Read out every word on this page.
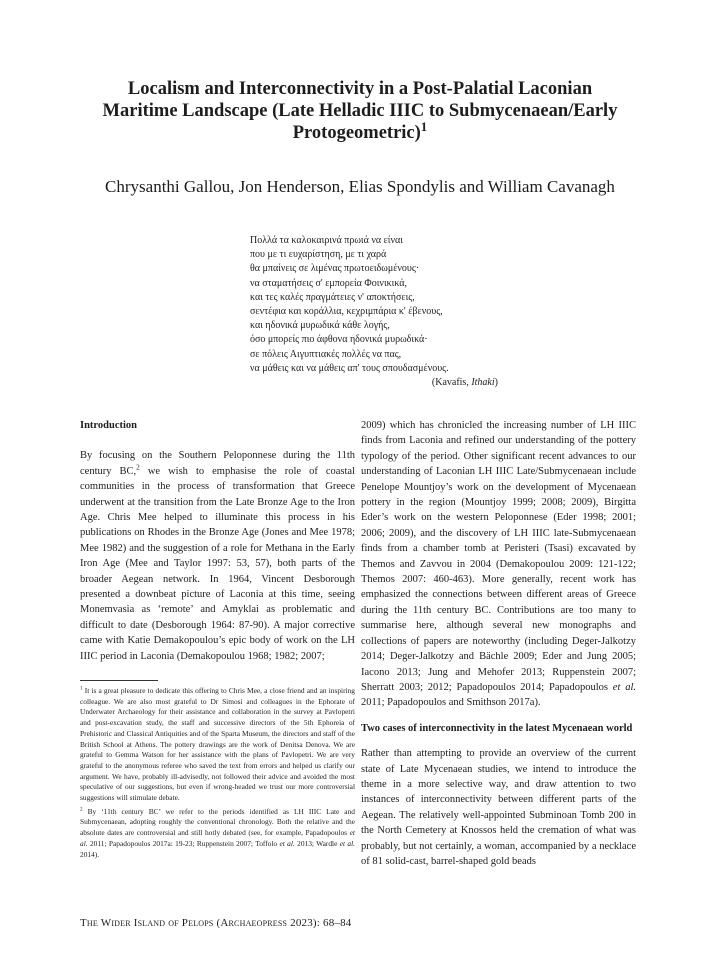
Localism and Interconnectivity in a Post-Palatial Laconian
Maritime Landscape (Late Helladic IIIC to Submycenaean/Early
Protogeometric)$^1$
Chrysanthi Gallou, Jon Henderson, Elias Spondylis and William Cavanagh
Πολλά τα καλοκαιρινά πρωιά να είναι
που με τι ευχαρίστηση, με τι χαρά
θα μπαίνεις σε λιμένας πρωτοειδωμένους·
να σταματήσεις σ' εμπορεία Φοινικικά,
και τες καλές πραγμάτειες ν' αποκτήσεις,
σεντέφια και κοράλλια, κεχριμπάρια κ' έβενους,
και ηδονικά μυρωδικά κάθε λογής,
όσο μπορείς πιο άφθονα ηδονικά μυρωδικά·
σε πόλεις Αιγυπτιακές πολλές να πας,
να μάθεις και να μάθεις απ' τους σπουδασμένους.
(Kavafis, Ithaki)
Introduction

By focusing on the Southern Peloponnese during the 11th century BC,$^2$ we wish to emphasise the role of coastal communities in the process of transformation that Greece underwent at the transition from the Late Bronze Age to the Iron Age. Chris Mee helped to illuminate this process in his publications on Rhodes in the Bronze Age (Jones and Mee 1978; Mee 1982) and the suggestion of a role for Methana in the Early Iron Age (Mee and Taylor 1997: 53, 57), both parts of the broader Aegean network. In 1964, Vincent Desborough presented a downbeat picture of Laconia at this time, seeing Monemvasia as ‘remote’ and Amyklai as problematic and difficult to date (Desborough 1964: 87-90). A major corrective came with Katie Demakopoulou’s epic body of work on the LH IIIC period in Laconia (Demakopoulou 1968; 1982; 2007;

$^1$ It is a great pleasure to dedicate this offering to Chris Mee, a close friend and an inspiring colleague. We are also most grateful to Dr Simosi and colleagues in the Ephorate of Underwater Archaeology for their assistance and collaboration in the survey at Pavlopetri and post-excavation study, the staff and successive directors of the 5th Ephoreia of Prehistoric and Classical Antiquities and of the Sparta Museum, the directors and staff of the British School at Athens. The pottery drawings are the work of Denitsa Denova. We are grateful to Gemma Watson for her assistance with the plans of Pavlopetri. We are very grateful to the anonymous referee who saved the text from errors and helped us clarify our argument. We have, probably ill-advisedly, not followed their advice and avoided the most speculative of our suggestions, but even if wrong-headed we trust our more controversial suggestions will stimulate debate.

$^2$ By ‘11th century BC’ we refer to the periods identified as LH IIIC Late and Submycenaean, adopting roughly the conventional chronology. Both the relative and the absolute dates are controversial and still hotly debated (see, for example, Papadopoulos et al. 2011; Papadopoulos 2017a: 19-23; Ruppenstein 2007; Toffolo et al. 2013; Wardle et al. 2014).

2009) which has chronicled the increasing number of LH IIIC finds from Laconia and refined our understanding of the pottery typology of the period. Other significant recent advances to our understanding of Laconian LH IIIC Late/Submycenaean include Penelope Mountjoy’s work on the development of Mycenaean pottery in the region (Mountjoy 1999; 2008; 2009), Birgitta Eder’s work on the western Peloponnese (Eder 1998; 2001; 2006; 2009), and the discovery of LH IIIC late-Submycenaean finds from a chamber tomb at Peristeri (Tsasi) excavated by Themos and Zavvou in 2004 (Demakopoulou 2009: 121-122; Themos 2007: 460-463). More generally, recent work has emphasized the connections between different areas of Greece during the 11th century BC. Contributions are too many to summarise here, although several new monographs and collections of papers are noteworthy (including Deger-Jalkotzy 2014; Deger-Jalkotzy and Bächle 2009; Eder and Jung 2005; Iacono 2013; Jung and Mehofer 2013; Ruppenstein 2007; Sherratt 2003; 2012; Papadopoulos 2014; Papadopoulos et al. 2011; Papadopoulos and Smithson 2017a).

Two cases of interconnectivity in the latest Mycenaean world

Rather than attempting to provide an overview of the current state of Late Mycenaean studies, we intend to introduce the theme in a more selective way, and draw attention to two instances of interconnectivity between different parts of the Aegean. The relatively well-appointed Subminoan Tomb 200 in the North Cemetery at Knossos held the cremation of what was probably, but not certainly, a woman, accompanied by a necklace of 81 solid-cast, barrel-shaped gold beads

The Wider Island of Pelops (Archaeopress 2023): 68–84
